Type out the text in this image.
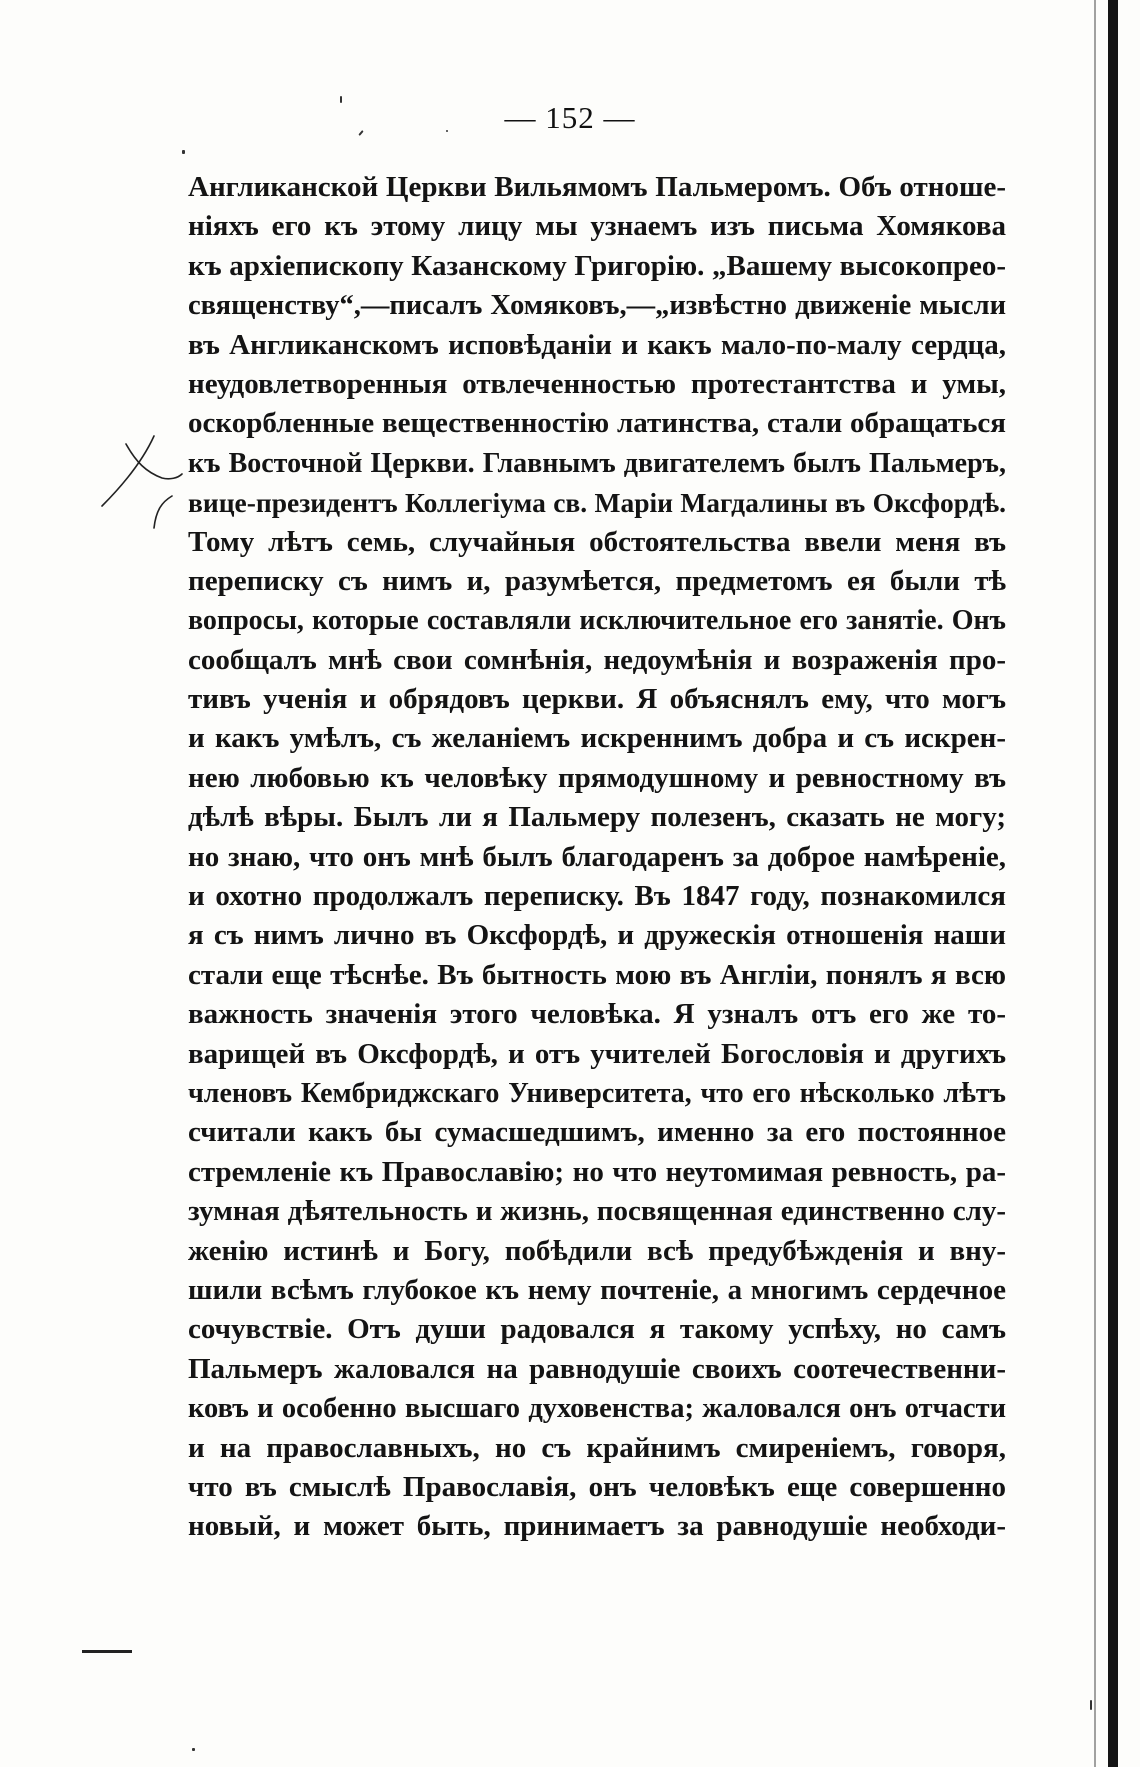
— 152 —
Англиканской Церкви Вильямомъ Пальмеромъ. Объ отноше-
ніяхъ его къ этому лицу мы узнаемъ изъ письма Хомякова
къ архіепископу Казанскому Григорію. „Вашему высокопрео-
священству“,—писалъ Хомяковъ,—„извѣстно движеніе мысли
въ Англиканскомъ исповѣданіи и какъ мало-по-малу сердца,
неудовлетворенныя отвлеченностью протестантства и умы,
оскорбленные вещественностію латинства, стали обращаться
къ Восточной Церкви. Главнымъ двигателемъ былъ Пальмеръ,
вице-президентъ Коллегіума св. Маріи Магдалины въ Оксфордѣ.
Тому лѣтъ семь, случайныя обстоятельства ввели меня въ
переписку съ нимъ и, разумѣется, предметомъ ея были тѣ
вопросы, которые составляли исключительное его занятіе. Онъ
сообщалъ мнѣ свои сомнѣнія, недоумѣнія и возраженія про-
тивъ ученія и обрядовъ церкви. Я объяснялъ ему, что могъ
и какъ умѣлъ, съ желаніемъ искреннимъ добра и съ искрен-
нею любовью къ человѣку прямодушному и ревностному въ
дѣлѣ вѣры. Былъ ли я Пальмеру полезенъ, сказать не могу;
но знаю, что онъ мнѣ былъ благодаренъ за доброе намѣреніе,
и охотно продолжалъ переписку. Въ 1847 году, познакомился
я съ нимъ лично въ Оксфордѣ, и дружескія отношенія наши
стали еще тѣснѣе. Въ бытность мою въ Англіи, понялъ я всю
важность значенія этого человѣка. Я узналъ отъ его же то-
варищей въ Оксфордѣ, и отъ учителей Богословія и другихъ
членовъ Кембриджскаго Университета, что его нѣсколько лѣтъ
считали какъ бы сумасшедшимъ, именно за его постоянное
стремленіе къ Православію; но что неутомимая ревность, ра-
зумная дѣятельность и жизнь, посвященная единственно слу-
женію истинѣ и Богу, побѣдили всѣ предубѣжденія и вну-
шили всѣмъ глубокое къ нему почтеніе, а многимъ сердечное
сочувствіе. Отъ души радовался я такому успѣху, но самъ
Пальмеръ жаловался на равнодушіе своихъ соотечественни-
ковъ и особенно высшаго духовенства; жаловался онъ отчасти
и на православныхъ, но съ крайнимъ смиреніемъ, говоря,
что въ смыслѣ Православія, онъ человѣкъ еще совершенно
новый, и может быть, принимаетъ за равнодушіе необходи-
